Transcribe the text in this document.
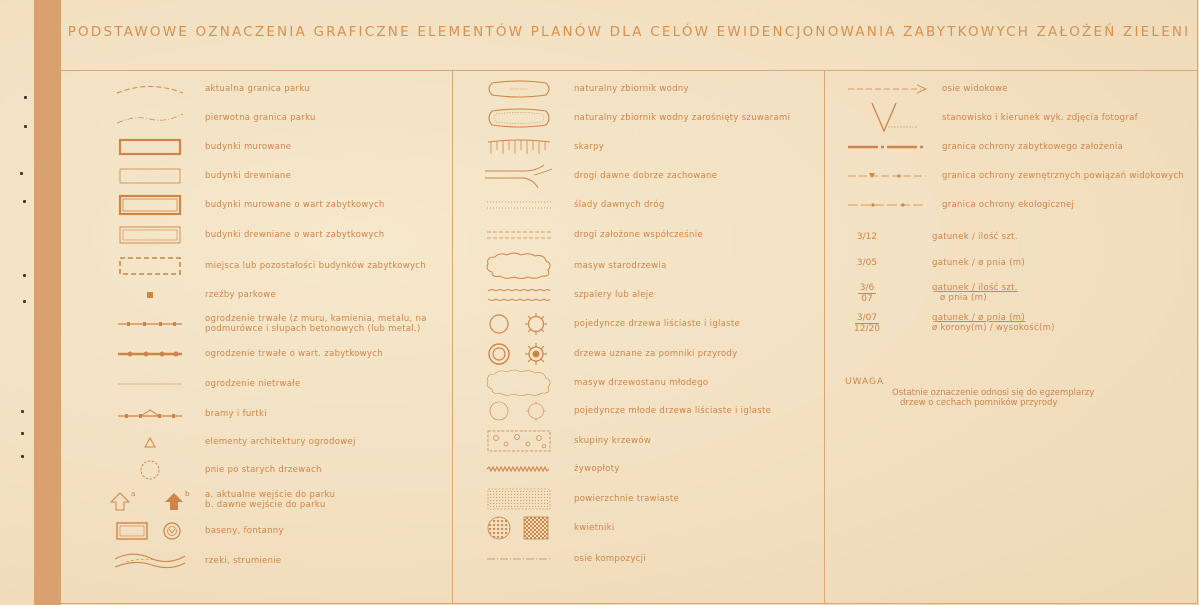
PODSTAWOWE OZNACZENIA GRAFICZNE ELEMENTÓW PLANÓW DLA CELÓW EWIDENCJONOWANIA ZABYTKOWYCH ZAŁOŻEŃ ZIELENI
aktualna granica parku
pierwotna granica parku
budynki murowane
budynki drewniane
budynki murowane o wart zabytkowych
budynki drewniane o wart zabytkowych
miejsca lub pozostałości budynków zabytkowych
rzeźby parkowe
ogrodzenie trwałe (z muru, kamienia, metalu, na
podmurówce i słupach betonowych (lub metal.)
ogrodzenie trwałe o wart. zabytkowych
ogrodzenie nietrwałe
bramy i furtki
elementy architektury ogrodowej
pnie po starych drzewach
a	b a. aktualne wejście do parku
b. dawne wejście do parku
baseny, fontanny
rzeki, strumienie
naturalny zbiornik wodny
naturalny zbiornik wodny zarośnięty szuwarami
skarpy
drogi dawne dobrze zachowane
ślady dawnych dróg
drogi założone współcześnie
masyw starodrzewia
szpalery lub aleje
pojedyncze drzewa liściaste i iglaste
drzewa uznane za pomniki przyrody
masyw drzewostanu młodego
pojedyncze młode drzewa liściaste i iglaste
skupiny krzewów
żywopłoty
powierzchnie trawiaste
kwietniki
osie kompozycji
osie widokowe
stanowisko i kierunek wyk. zdjęcia fotograf
granica ochrony zabytkowego założenia
granica ochrony zewnętrznych powiązań widokowych
granica ochrony ekologicznej
3/12	gatunek / ilość szt.
3/05	gatunek / ø pnia (m)
$\frac{3/6}{07}$ gatunek / ilość szt.
ø pnia (m)
$\frac{3/07}{12/20}$ gatunek / ø pnia (m)
ø korony(m) / wysokość(m)
UWAGA
Ostatnie oznaczenie odnosi się do egzemplarzy
drzew o cechach pomników przyrody
